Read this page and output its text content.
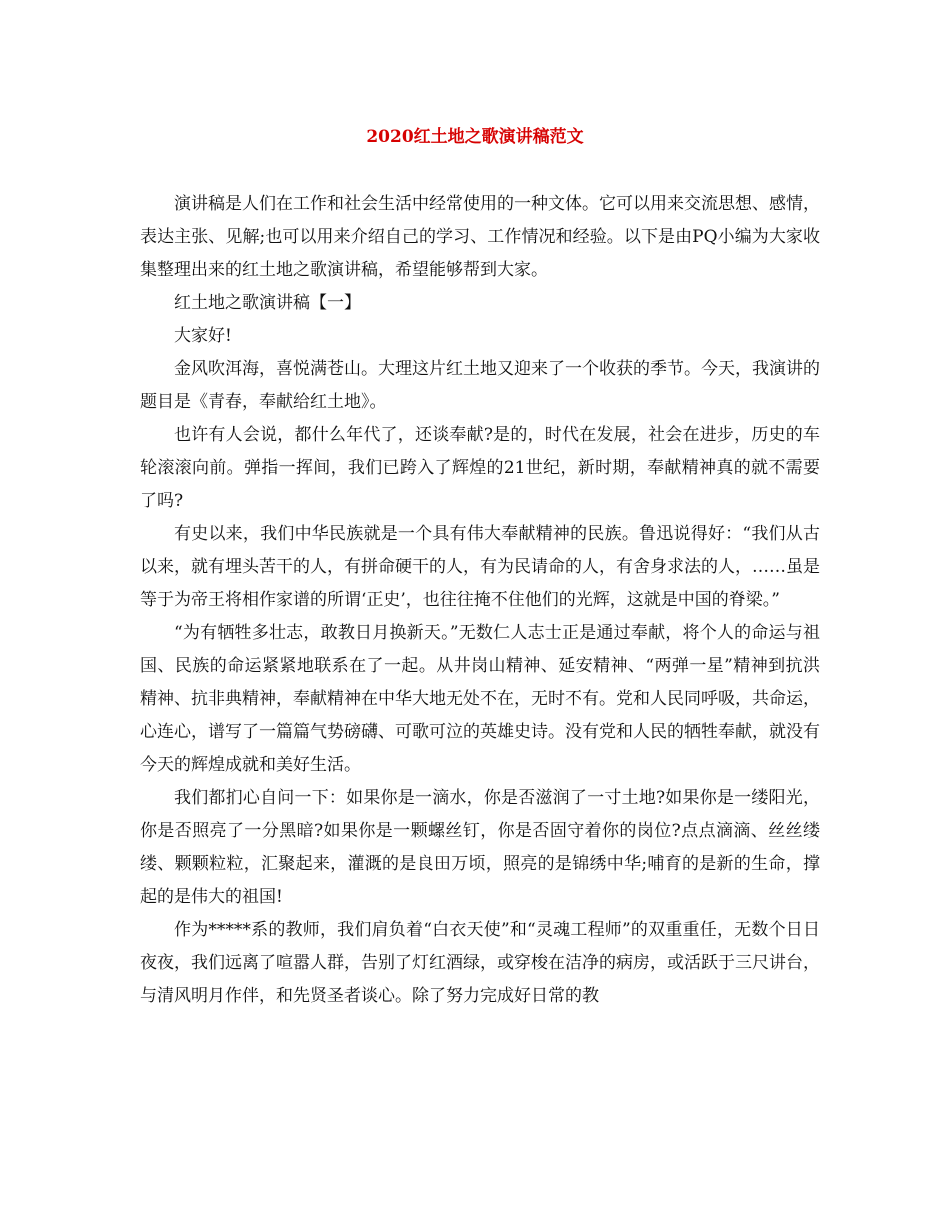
2020红土地之歌演讲稿范文

演讲稿是人们在工作和社会生活中经常使用的一种文体。它可以用来交流思想、感情，表达主张、见解;也可以用来介绍自己的学习、工作情况和经验。以下是由PQ小编为大家收集整理出来的红土地之歌演讲稿，希望能够帮到大家。

红土地之歌演讲稿【一】

大家好!

金风吹洱海，喜悦满苍山。大理这片红土地又迎来了一个收获的季节。今天，我演讲的题目是《青春，奉献给红土地》。

也许有人会说，都什么年代了，还谈奉献?是的，时代在发展，社会在进步，历史的车轮滚滚向前。弹指一挥间，我们已跨入了辉煌的21世纪，新时期，奉献精神真的就不需要了吗?

有史以来，我们中华民族就是一个具有伟大奉献精神的民族。鲁迅说得好：“我们从古以来，就有埋头苦干的人，有拼命硬干的人，有为民请命的人，有舍身求法的人，……虽是等于为帝王将相作家谱的所谓‘正史’，也往往掩不住他们的光辉，这就是中国的脊梁。”

“为有牺牲多壮志，敢教日月换新天。”无数仁人志士正是通过奉献，将个人的命运与祖国、民族的命运紧紧地联系在了一起。从井岗山精神、延安精神、“两弹一星”精神到抗洪精神、抗非典精神，奉献精神在中华大地无处不在，无时不有。党和人民同呼吸，共命运，心连心，谱写了一篇篇气势磅礴、可歌可泣的英雄史诗。没有党和人民的牺牲奉献，就没有今天的辉煌成就和美好生活。

我们都扪心自问一下：如果你是一滴水，你是否滋润了一寸土地?如果你是一缕阳光，你是否照亮了一分黑暗?如果你是一颗螺丝钉，你是否固守着你的岗位?点点滴滴、丝丝缕缕、颗颗粒粒，汇聚起来，灌溉的是良田万顷，照亮的是锦绣中华;哺育的是新的生命，撑起的是伟大的祖国!

作为*****系的教师，我们肩负着“白衣天使”和“灵魂工程师”的双重重任，无数个日日夜夜，我们远离了喧嚣人群，告别了灯红酒绿，或穿梭在洁净的病房，或活跃于三尺讲台，与清风明月作伴，和先贤圣者谈心。除了努力完成好日常的教
